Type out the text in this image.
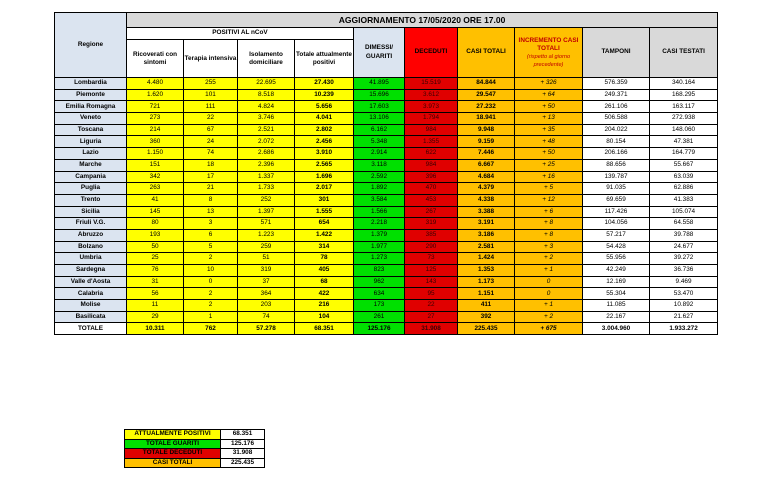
Regione	AGGIORNAMENTO 17/05/2020 ORE 17.00									
	POSITIVI AL nCoV				DIMESSI/ GUARITI	DECEDUTI	CASI TOTALI	INCREMENTO CASI TOTALI
(rispetto al giorno precedente)	TAMPONI	CASI TESTATI
	Ricoverati con sintomi	Terapia intensiva	Isolamento domiciliare	Totale attualmente positivi						
Lombardia	4.480	255	22.695	27.430	41.895	15.519	84.844	+ 326	576.359	340.164
Piemonte	1.620	101	8.518	10.239	15.696	3.612	29.547	+ 64	249.371	168.295
Emilia Romagna	721	111	4.824	5.656	17.603	3.973	27.232	+ 50	261.106	163.117
Veneto	273	22	3.746	4.041	13.106	1.794	18.941	+ 13	506.588	272.938
Toscana	214	67	2.521	2.802	6.162	984	9.948	+ 35	204.022	148.060
Liguria	360	24	2.072	2.456	5.348	1.355	9.159	+ 48	80.154	47.381
Lazio	1.150	74	2.686	3.910	2.914	622	7.446	+ 50	206.166	164.779
Marche	151	18	2.396	2.565	3.118	984	6.667	+ 25	88.656	55.667
Campania	342	17	1.337	1.696	2.592	396	4.684	+ 16	139.787	63.039
Puglia	263	21	1.733	2.017	1.892	470	4.379	+ 5	91.035	62.886
Trento	41	8	252	301	3.584	453	4.338	+ 12	69.659	41.383
Sicilia	145	13	1.397	1.555	1.566	267	3.388	+ 6	117.426	105.074
Friuli V.G.	80	3	571	654	2.218	319	3.191	+ 8	104.056	64.558
Abruzzo	193	6	1.223	1.422	1.379	385	3.186	+ 8	57.217	39.788
Bolzano	50	5	259	314	1.977	290	2.581	+ 3	54.428	24.677
Umbria	25	2	51	78	1.273	73	1.424	+ 2	55.956	39.272
Sardegna	76	10	319	405	823	125	1.353	+ 1	42.249	36.736
Valle d'Aosta	31	0	37	68	962	143	1.173	0	12.169	9.469
Calabria	56	2	364	422	634	95	1.151	0	55.304	53.470
Molise	11	2	203	216	173	22	411	+ 1	11.085	10.892
Basilicata	29	1	74	104	261	27	392	+ 2	22.167	21.627
TOTALE	10.311	762	57.278	68.351	125.176	31.908	225.435	+ 675	3.004.960	1.933.272
ATTUALMENTE POSITIVI	68.351
TOTALE GUARITI	125.176
TOTALE DECEDUTI	31.908
CASI TOTALI	225.435
